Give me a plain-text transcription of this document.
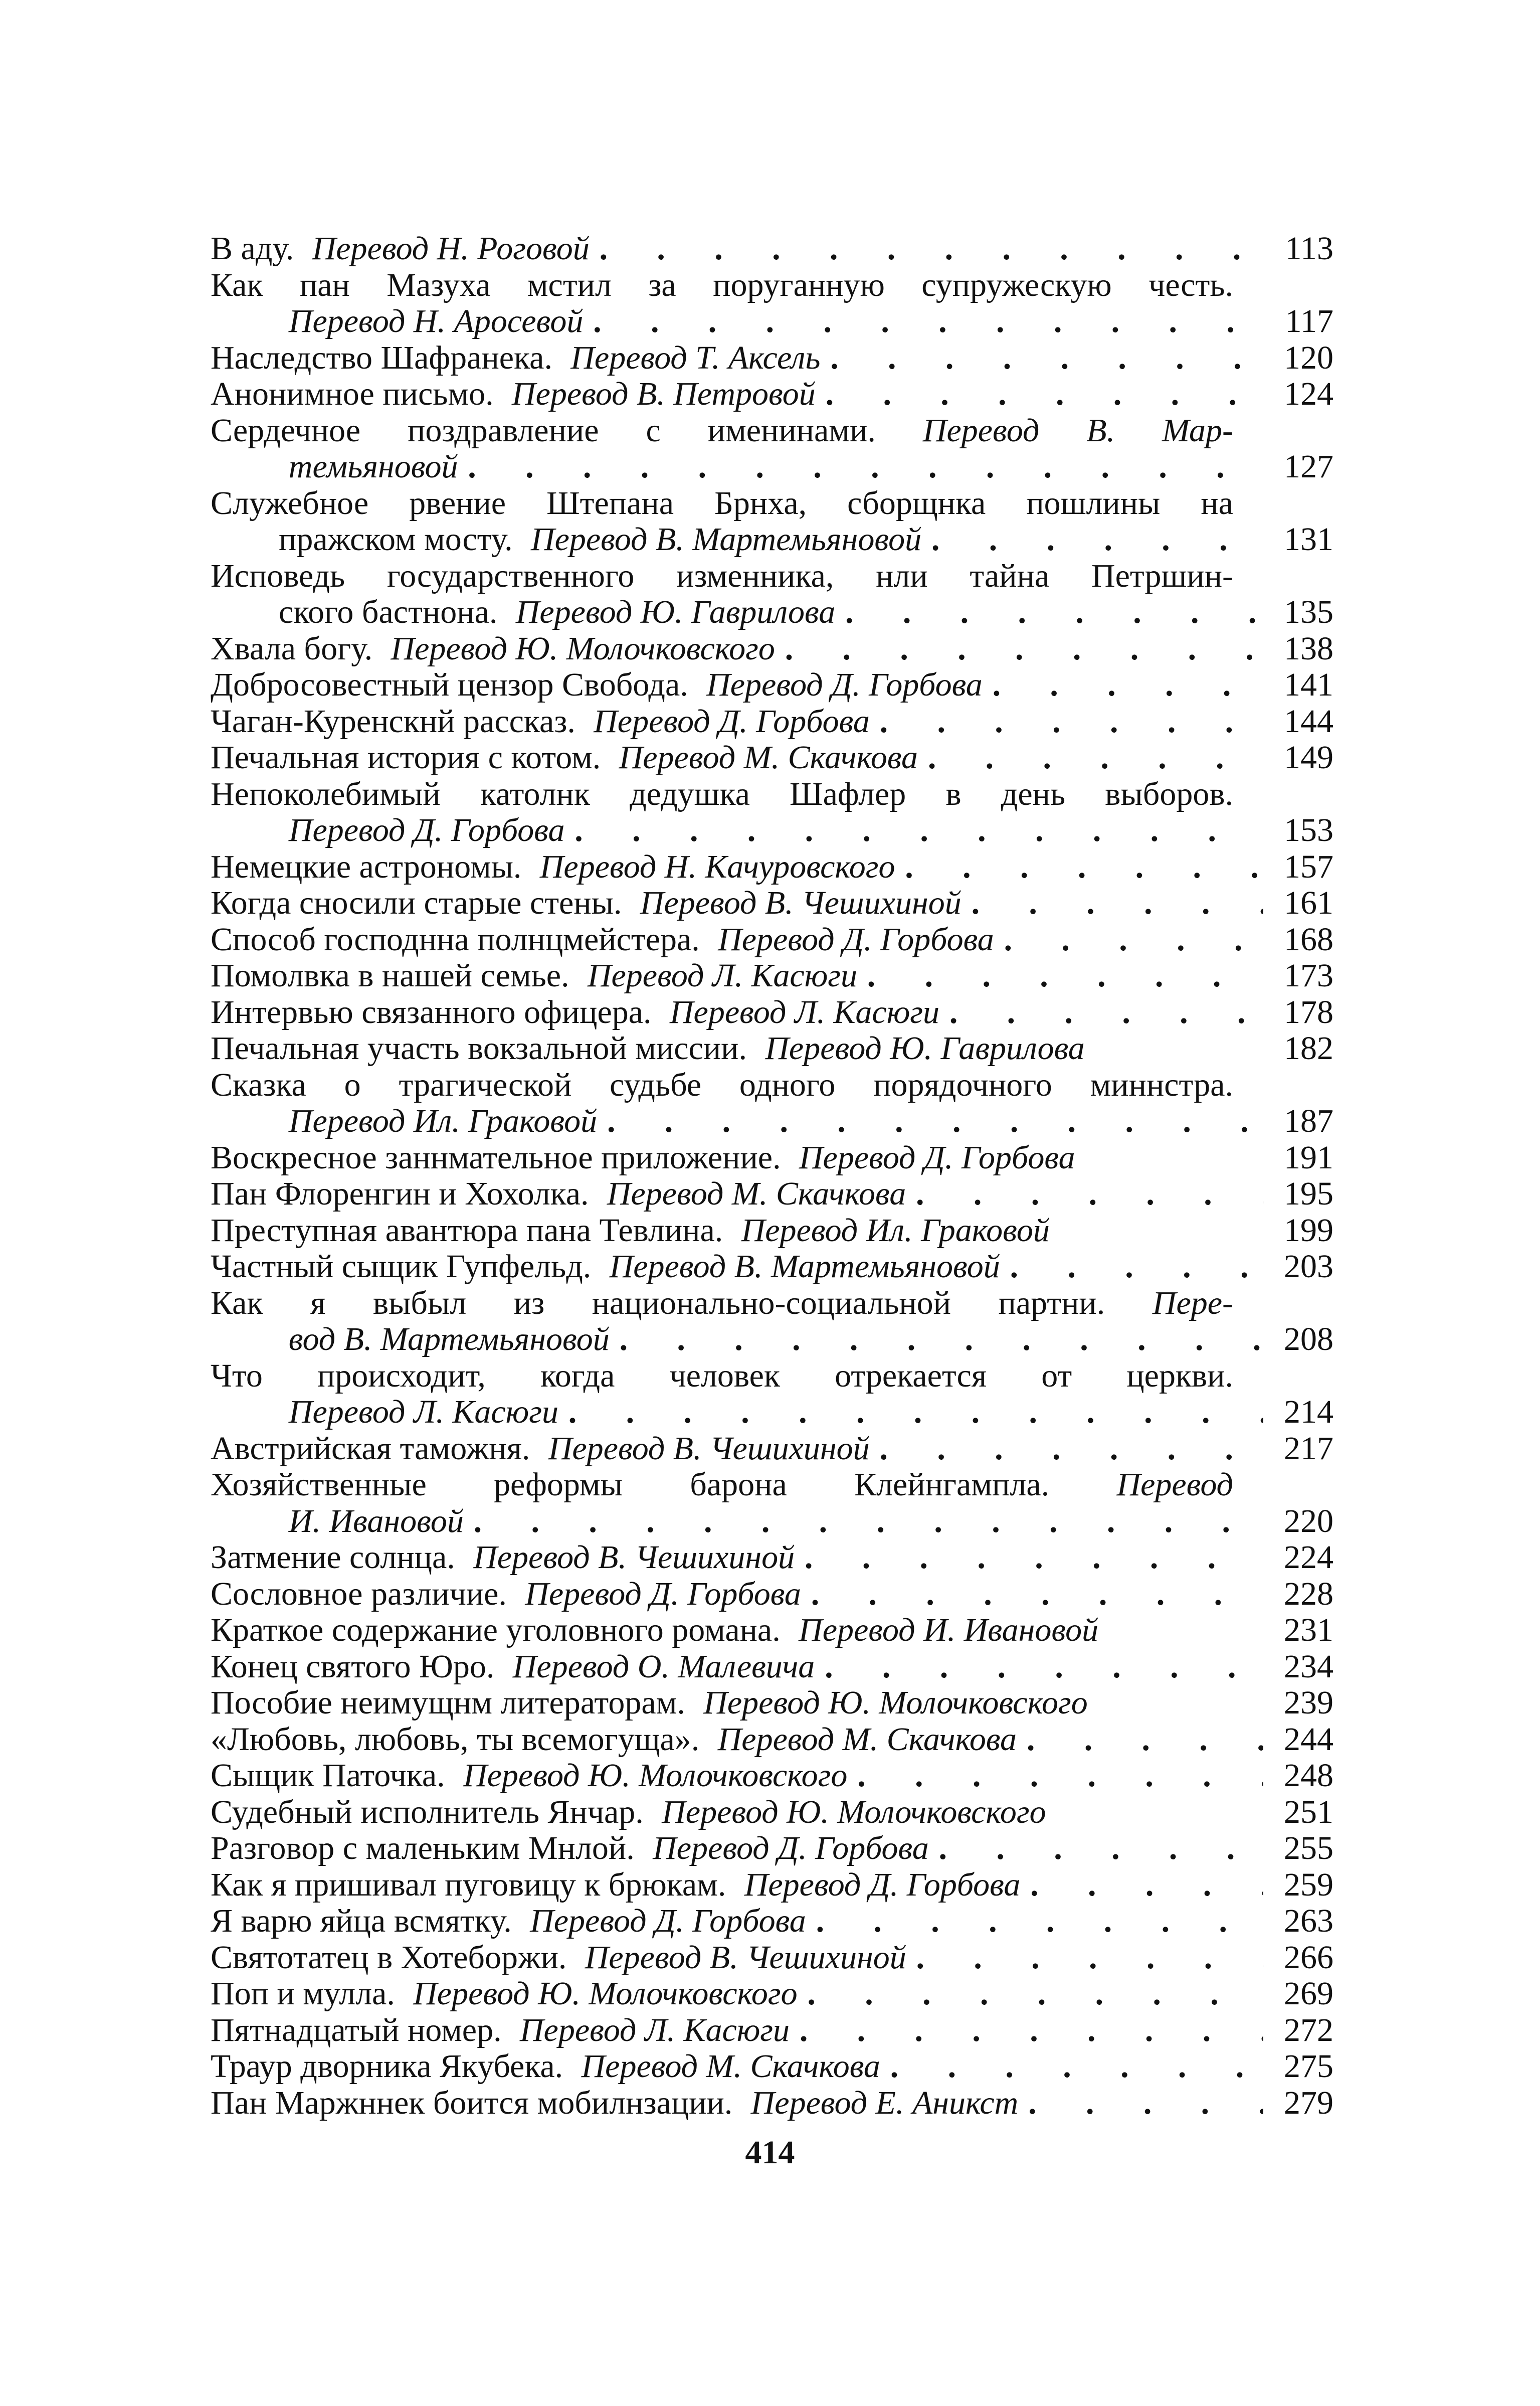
В аду. Перевод Н. Роговой . . .	113
Как пан Мазуха мстил за поруганную супружескую честь.
Перевод Н. Аросевой . . .	117
Наследство Шафранека. Перевод Т. Аксель . . .	120
Анонимное письмо. Перевод В. Петровой . . .	124
Сердечное поздравление с именинами. Перевод В. Мар-
темьяновой . . .	127
Служебное рвение Штепана Брнха, сборщнка пошлины на
пражском мосту. Перевод В. Мартемьяновой . . .	131
Исповедь государственного изменника, нли тайна Петршин-
ского бастнона. Перевод Ю. Гаврилова . . .	135
Хвала богу. Перевод Ю. Молочковского . . .	138
Добросовестный цензор Свобода. Перевод Д. Горбова . . .	141
Чаган-Куренскнй рассказ. Перевод Д. Горбова . . .	144
Печальная история с котом. Перевод М. Скачкова . . .	149
Непоколебимый католнк дедушка Шафлер в день выборов.
Перевод Д. Горбова . . .	153
Немецкие астрономы. Перевод Н. Качуровского . . .	157
Когда сносили старые стены. Перевод В. Чешихиной . . .	161
Способ господнна полнцмейстера. Перевод Д. Горбова . . .	168
Помолвка в нашей семье. Перевод Л. Касюги . . .	173
Интервью связанного офицера. Перевод Л. Касюги . . .	178
Печальная участь вокзальной миссии. Перевод Ю. Гаврилова	182
Сказка о трагической судьбе одного порядочного миннстра.
Перевод Ил. Граковой . . .	187
Воскресное заннмательное приложение. Перевод Д. Горбова	191
Пан Флоренгин и Хохолка. Перевод М. Скачкова . . .	195
Преступная авантюра пана Тевлина. Перевод Ил. Граковой	199
Частный сыщик Гупфельд. Перевод В. Мартемьяновой . . .	203
Как я выбыл из национально-социальной партни. Пере-
вод В. Мартемьяновой . . .	208
Что происходит, когда человек отрекается от церкви.
Перевод Л. Касюги . . .	214
Австрийская таможня. Перевод В. Чешихиной . . .	217
Хозяйственные реформы барона Клейнгампла. Перевод
И. Ивановой . . .	220
Затмение солнца. Перевод В. Чешихиной . . .	224
Сословное различие. Перевод Д. Горбова . . .	228
Краткое содержание уголовного романа. Перевод И. Ивановой	231
Конец святого Юро. Перевод О. Малевича . . .	234
Пособие неимущнм литераторам. Перевод Ю. Молочковского	239
«Любовь, любовь, ты всемогуща». Перевод М. Скачкова . . .	244
Сыщик Паточка. Перевод Ю. Молочковского . . .	248
Судебный исполнитель Янчар. Перевод Ю. Молочковского	251
Разговор с маленьким Мнлой. Перевод Д. Горбова . . .	255
Как я пришивал пуговицу к брюкам. Перевод Д. Горбова . . .	259
Я варю яйца всмятку. Перевод Д. Горбова . . .	263
Святотатец в Хотеборжи. Перевод В. Чешихиной . . .	266
Поп и мулла. Перевод Ю. Молочковского . . .	269
Пятнадцатый номер. Перевод Л. Касюги . . .	272
Траур дворника Якубека. Перевод М. Скачкова . . .	275
Пан Маржннек боится мобилнзации. Перевод Е. Аникст . . .	279
414
